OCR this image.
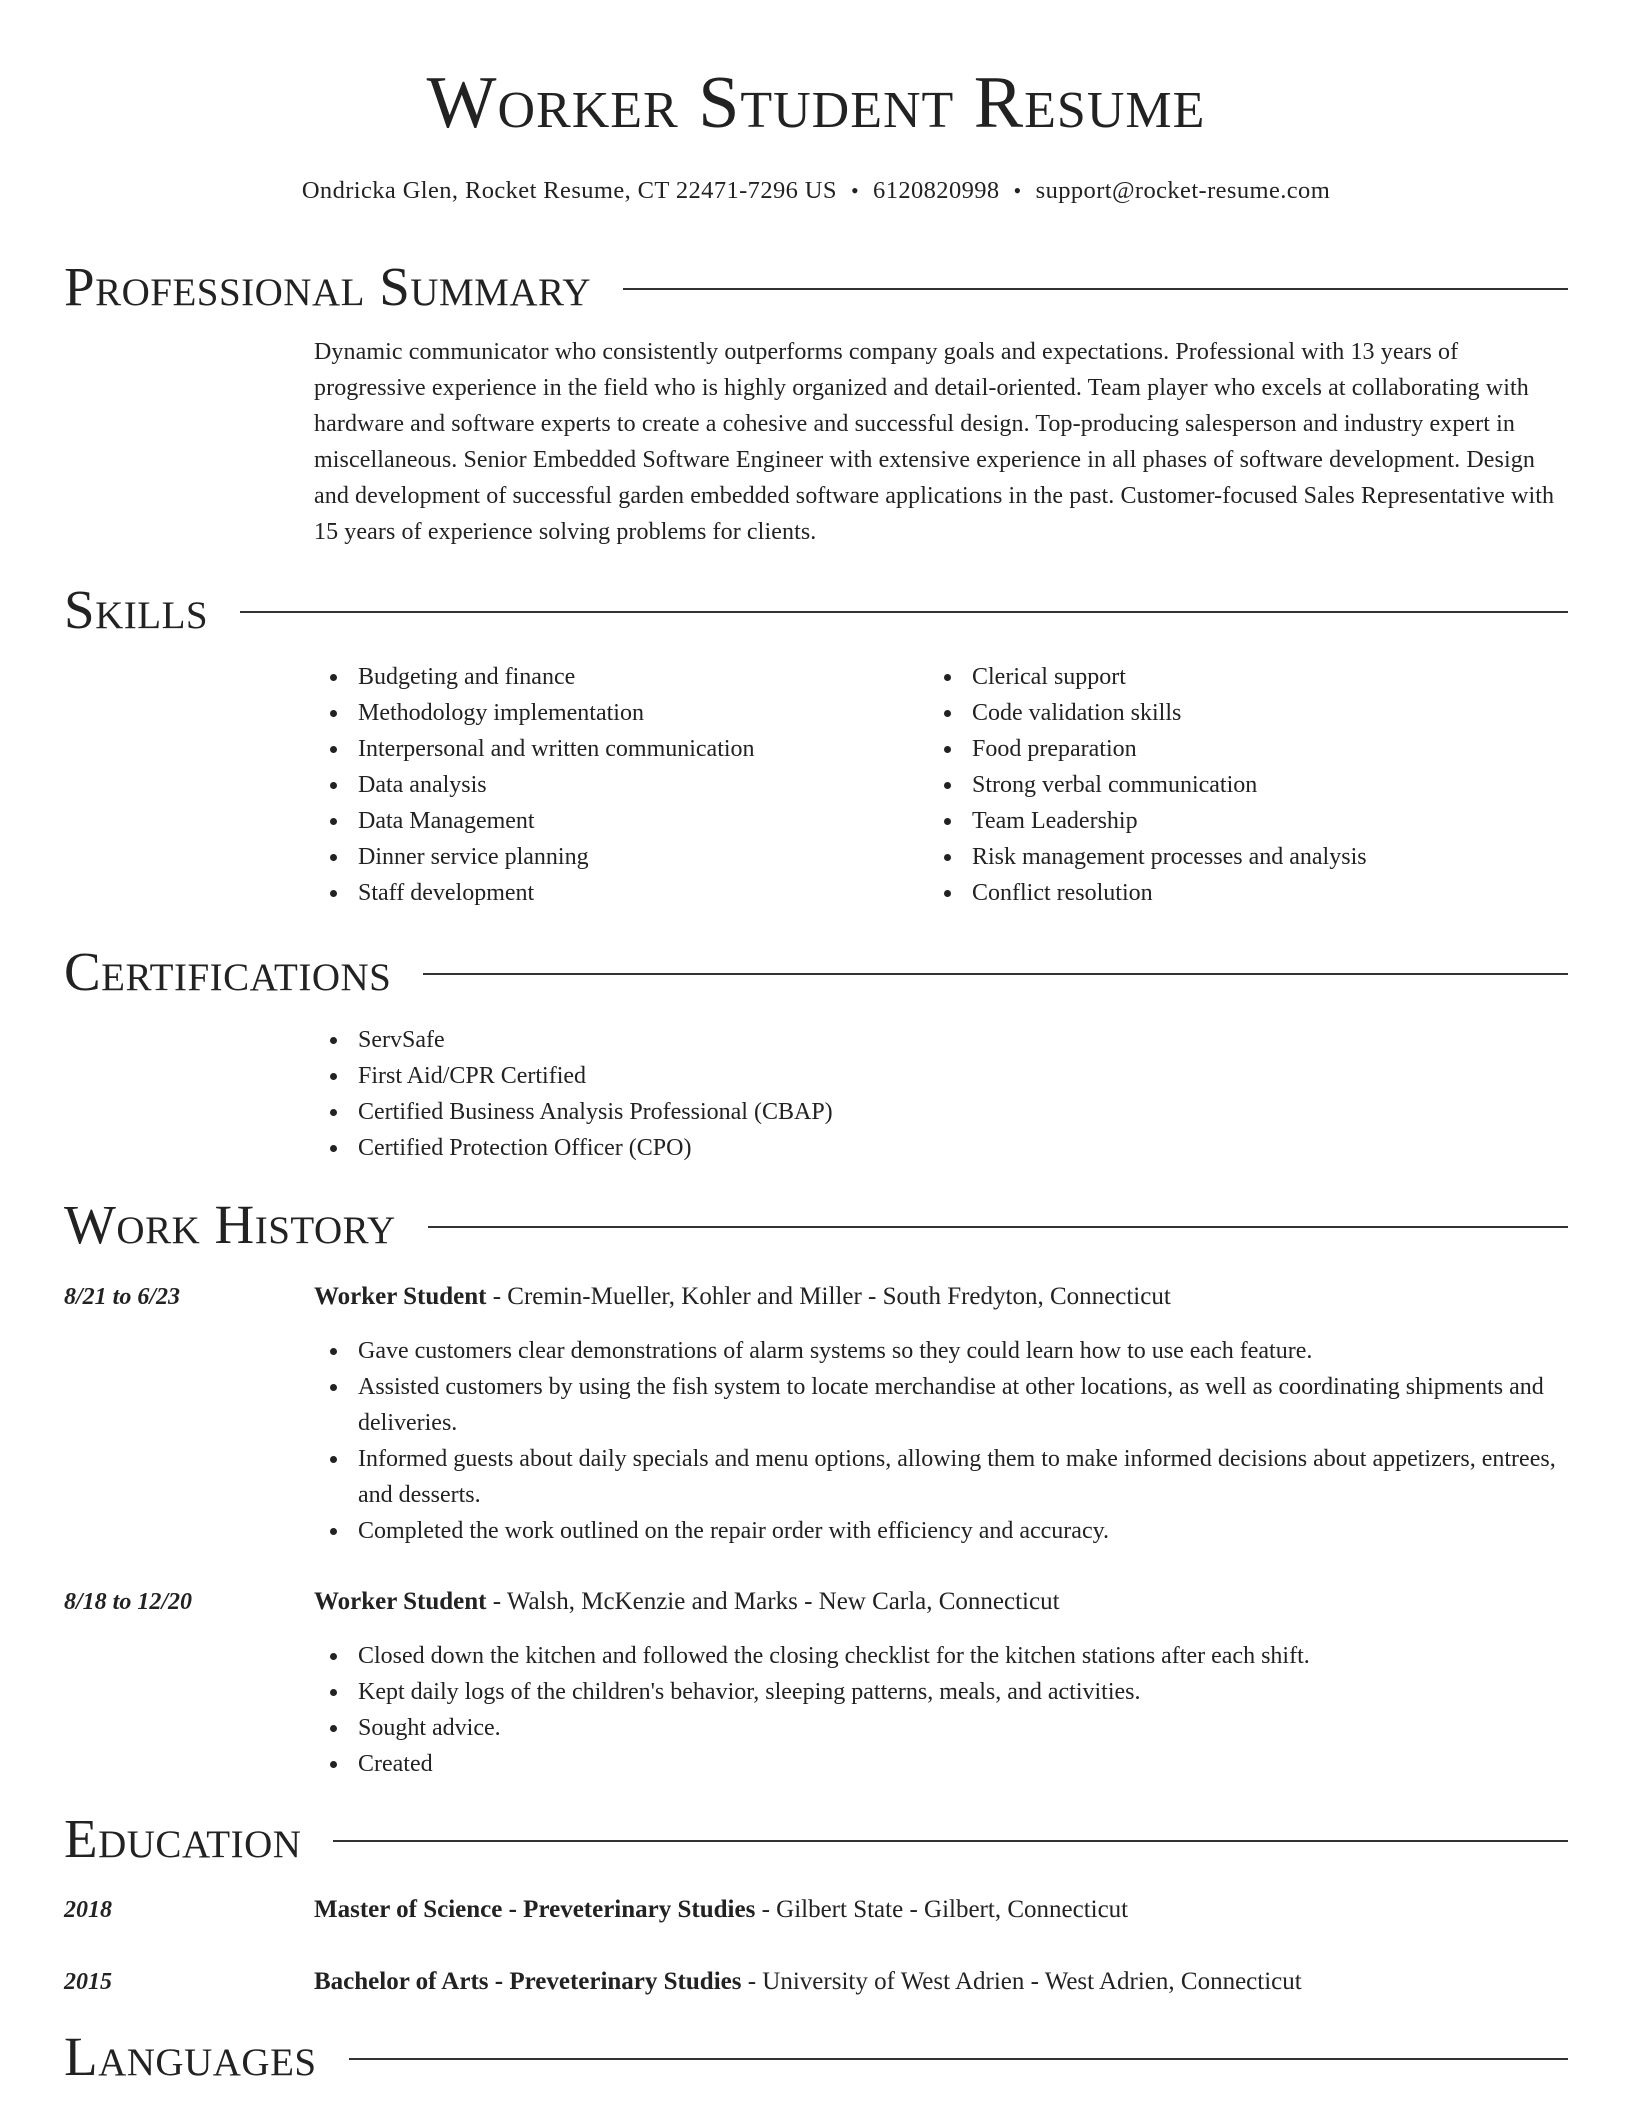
Worker Student Resume
Ondricka Glen, Rocket Resume, CT 22471-7296 US • 6120820998 • support@rocket-resume.com
Professional Summary
Dynamic communicator who consistently outperforms company goals and expectations. Professional with 13 years of progressive experience in the field who is highly organized and detail-oriented. Team player who excels at collaborating with hardware and software experts to create a cohesive and successful design. Top-producing salesperson and industry expert in miscellaneous. Senior Embedded Software Engineer with extensive experience in all phases of software development. Design and development of successful garden embedded software applications in the past. Customer-focused Sales Representative with 15 years of experience solving problems for clients.
Skills
Budgeting and finance
Methodology implementation
Interpersonal and written communication
Data analysis
Data Management
Dinner service planning
Staff development
Clerical support
Code validation skills
Food preparation
Strong verbal communication
Team Leadership
Risk management processes and analysis
Conflict resolution
Certifications
ServSafe
First Aid/CPR Certified
Certified Business Analysis Professional (CBAP)
Certified Protection Officer (CPO)
Work History
8/21 to 6/23	Worker Student - Cremin-Mueller, Kohler and Miller - South Fredyton, Connecticut
Gave customers clear demonstrations of alarm systems so they could learn how to use each feature.
Assisted customers by using the fish system to locate merchandise at other locations, as well as coordinating shipments and deliveries.
Informed guests about daily specials and menu options, allowing them to make informed decisions about appetizers, entrees, and desserts.
Completed the work outlined on the repair order with efficiency and accuracy.
8/18 to 12/20	Worker Student - Walsh, McKenzie and Marks - New Carla, Connecticut
Closed down the kitchen and followed the closing checklist for the kitchen stations after each shift.
Kept daily logs of the children's behavior, sleeping patterns, meals, and activities.
Sought advice.
Created
Education
2018	Master of Science - Preveterinary Studies - Gilbert State - Gilbert, Connecticut
2015	Bachelor of Arts - Preveterinary Studies - University of West Adrien - West Adrien, Connecticut
Languages
